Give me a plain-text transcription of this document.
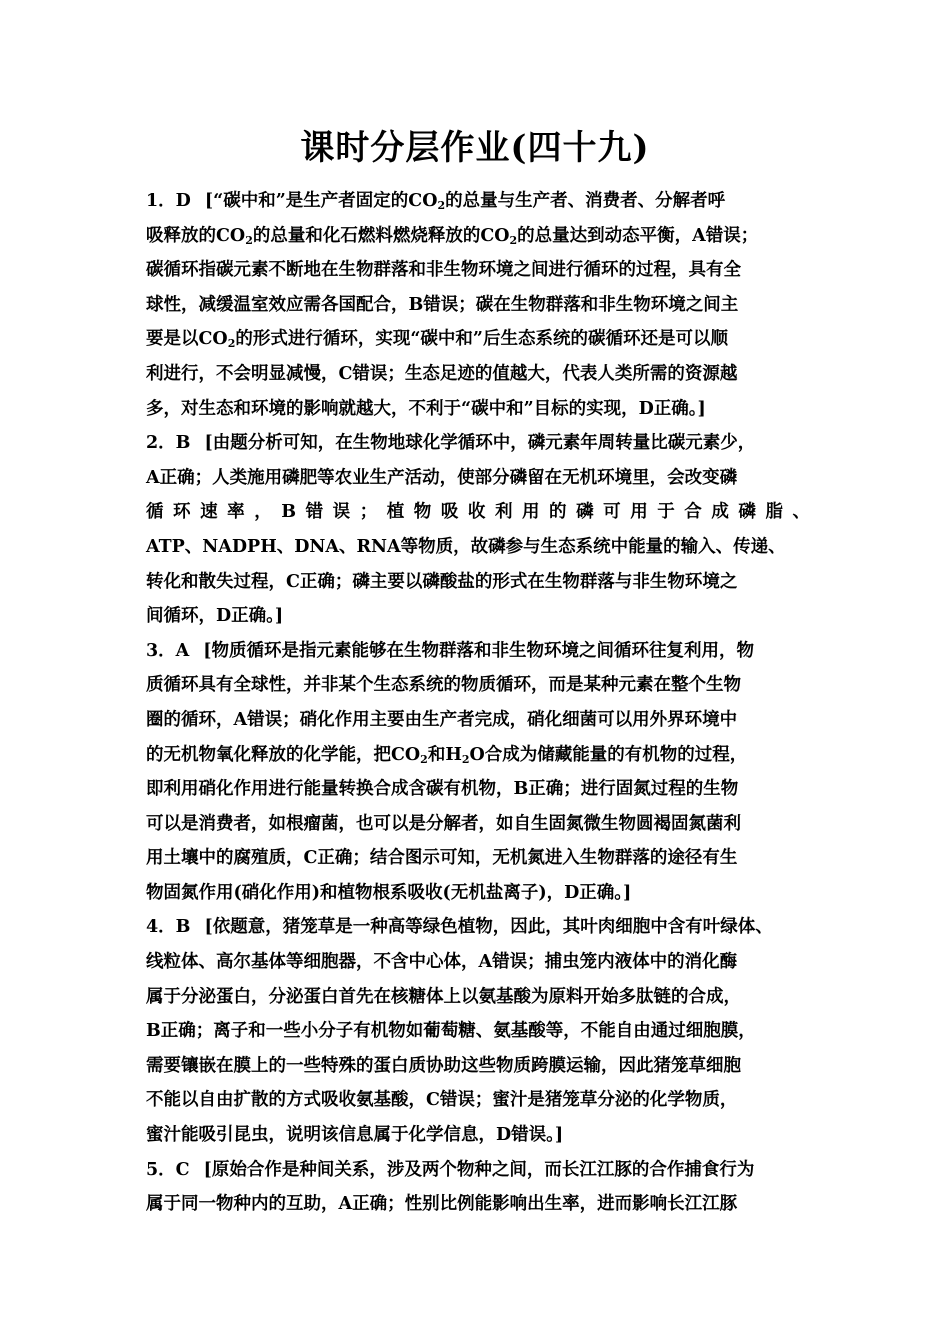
课时分层作业(四十九)
1．D [“碳中和”是生产者固定的$CO_2$的总量与生产者、消费者、分解者呼
吸释放的$CO_2$的总量和化石燃料燃烧释放的$CO_2$的总量达到动态平衡，A错误；
碳循环指碳元素不断地在生物群落和非生物环境之间进行循环的过程，具有全
球性，减缓温室效应需各国配合，B错误；碳在生物群落和非生物环境之间主
要是以$CO_2$的形式进行循环，实现“碳中和”后生态系统的碳循环还是可以顺
利进行，不会明显减慢，C错误；生态足迹的值越大，代表人类所需的资源越
多，对生态和环境的影响就越大，不利于“碳中和”目标的实现，D正确。]
2．B [由题分析可知，在生物地球化学循环中，磷元素年周转量比碳元素少，
A正确；人类施用磷肥等农业生产活动，使部分磷留在无机环境里，会改变磷
循环速率，B错误；植物吸收利用的磷可用于合成磷脂、
ATP、NADPH、DNA、RNA等物质，故磷参与生态系统中能量的输入、传递、
转化和散失过程，C正确；磷主要以磷酸盐的形式在生物群落与非生物环境之
间循环，D正确。]
3．A [物质循环是指元素能够在生物群落和非生物环境之间循环往复利用，物
质循环具有全球性，并非某个生态系统的物质循环，而是某种元素在整个生物
圈的循环，A错误；硝化作用主要由生产者完成，硝化细菌可以用外界环境中
的无机物氧化释放的化学能，把$CO_2$和$H_2O$合成为储藏能量的有机物的过程，
即利用硝化作用进行能量转换合成含碳有机物，B正确；进行固氮过程的生物
可以是消费者，如根瘤菌，也可以是分解者，如自生固氮微生物圆褐固氮菌利
用土壤中的腐殖质，C正确；结合图示可知，无机氮进入生物群落的途径有生
物固氮作用(硝化作用)和植物根系吸收(无机盐离子)，D正确。]
4．B [依题意，猪笼草是一种高等绿色植物，因此，其叶肉细胞中含有叶绿体、
线粒体、高尔基体等细胞器，不含中心体，A错误；捕虫笼内液体中的消化酶
属于分泌蛋白，分泌蛋白首先在核糖体上以氨基酸为原料开始多肽链的合成，
B正确；离子和一些小分子有机物如葡萄糖、氨基酸等，不能自由通过细胞膜，
需要镶嵌在膜上的一些特殊的蛋白质协助这些物质跨膜运输，因此猪笼草细胞
不能以自由扩散的方式吸收氨基酸，C错误；蜜汁是猪笼草分泌的化学物质，
蜜汁能吸引昆虫，说明该信息属于化学信息，D错误。]
5．C [原始合作是种间关系，涉及两个物种之间，而长江江豚的合作捕食行为
属于同一物种内的互助，A正确；性别比例能影响出生率，进而影响长江江豚
